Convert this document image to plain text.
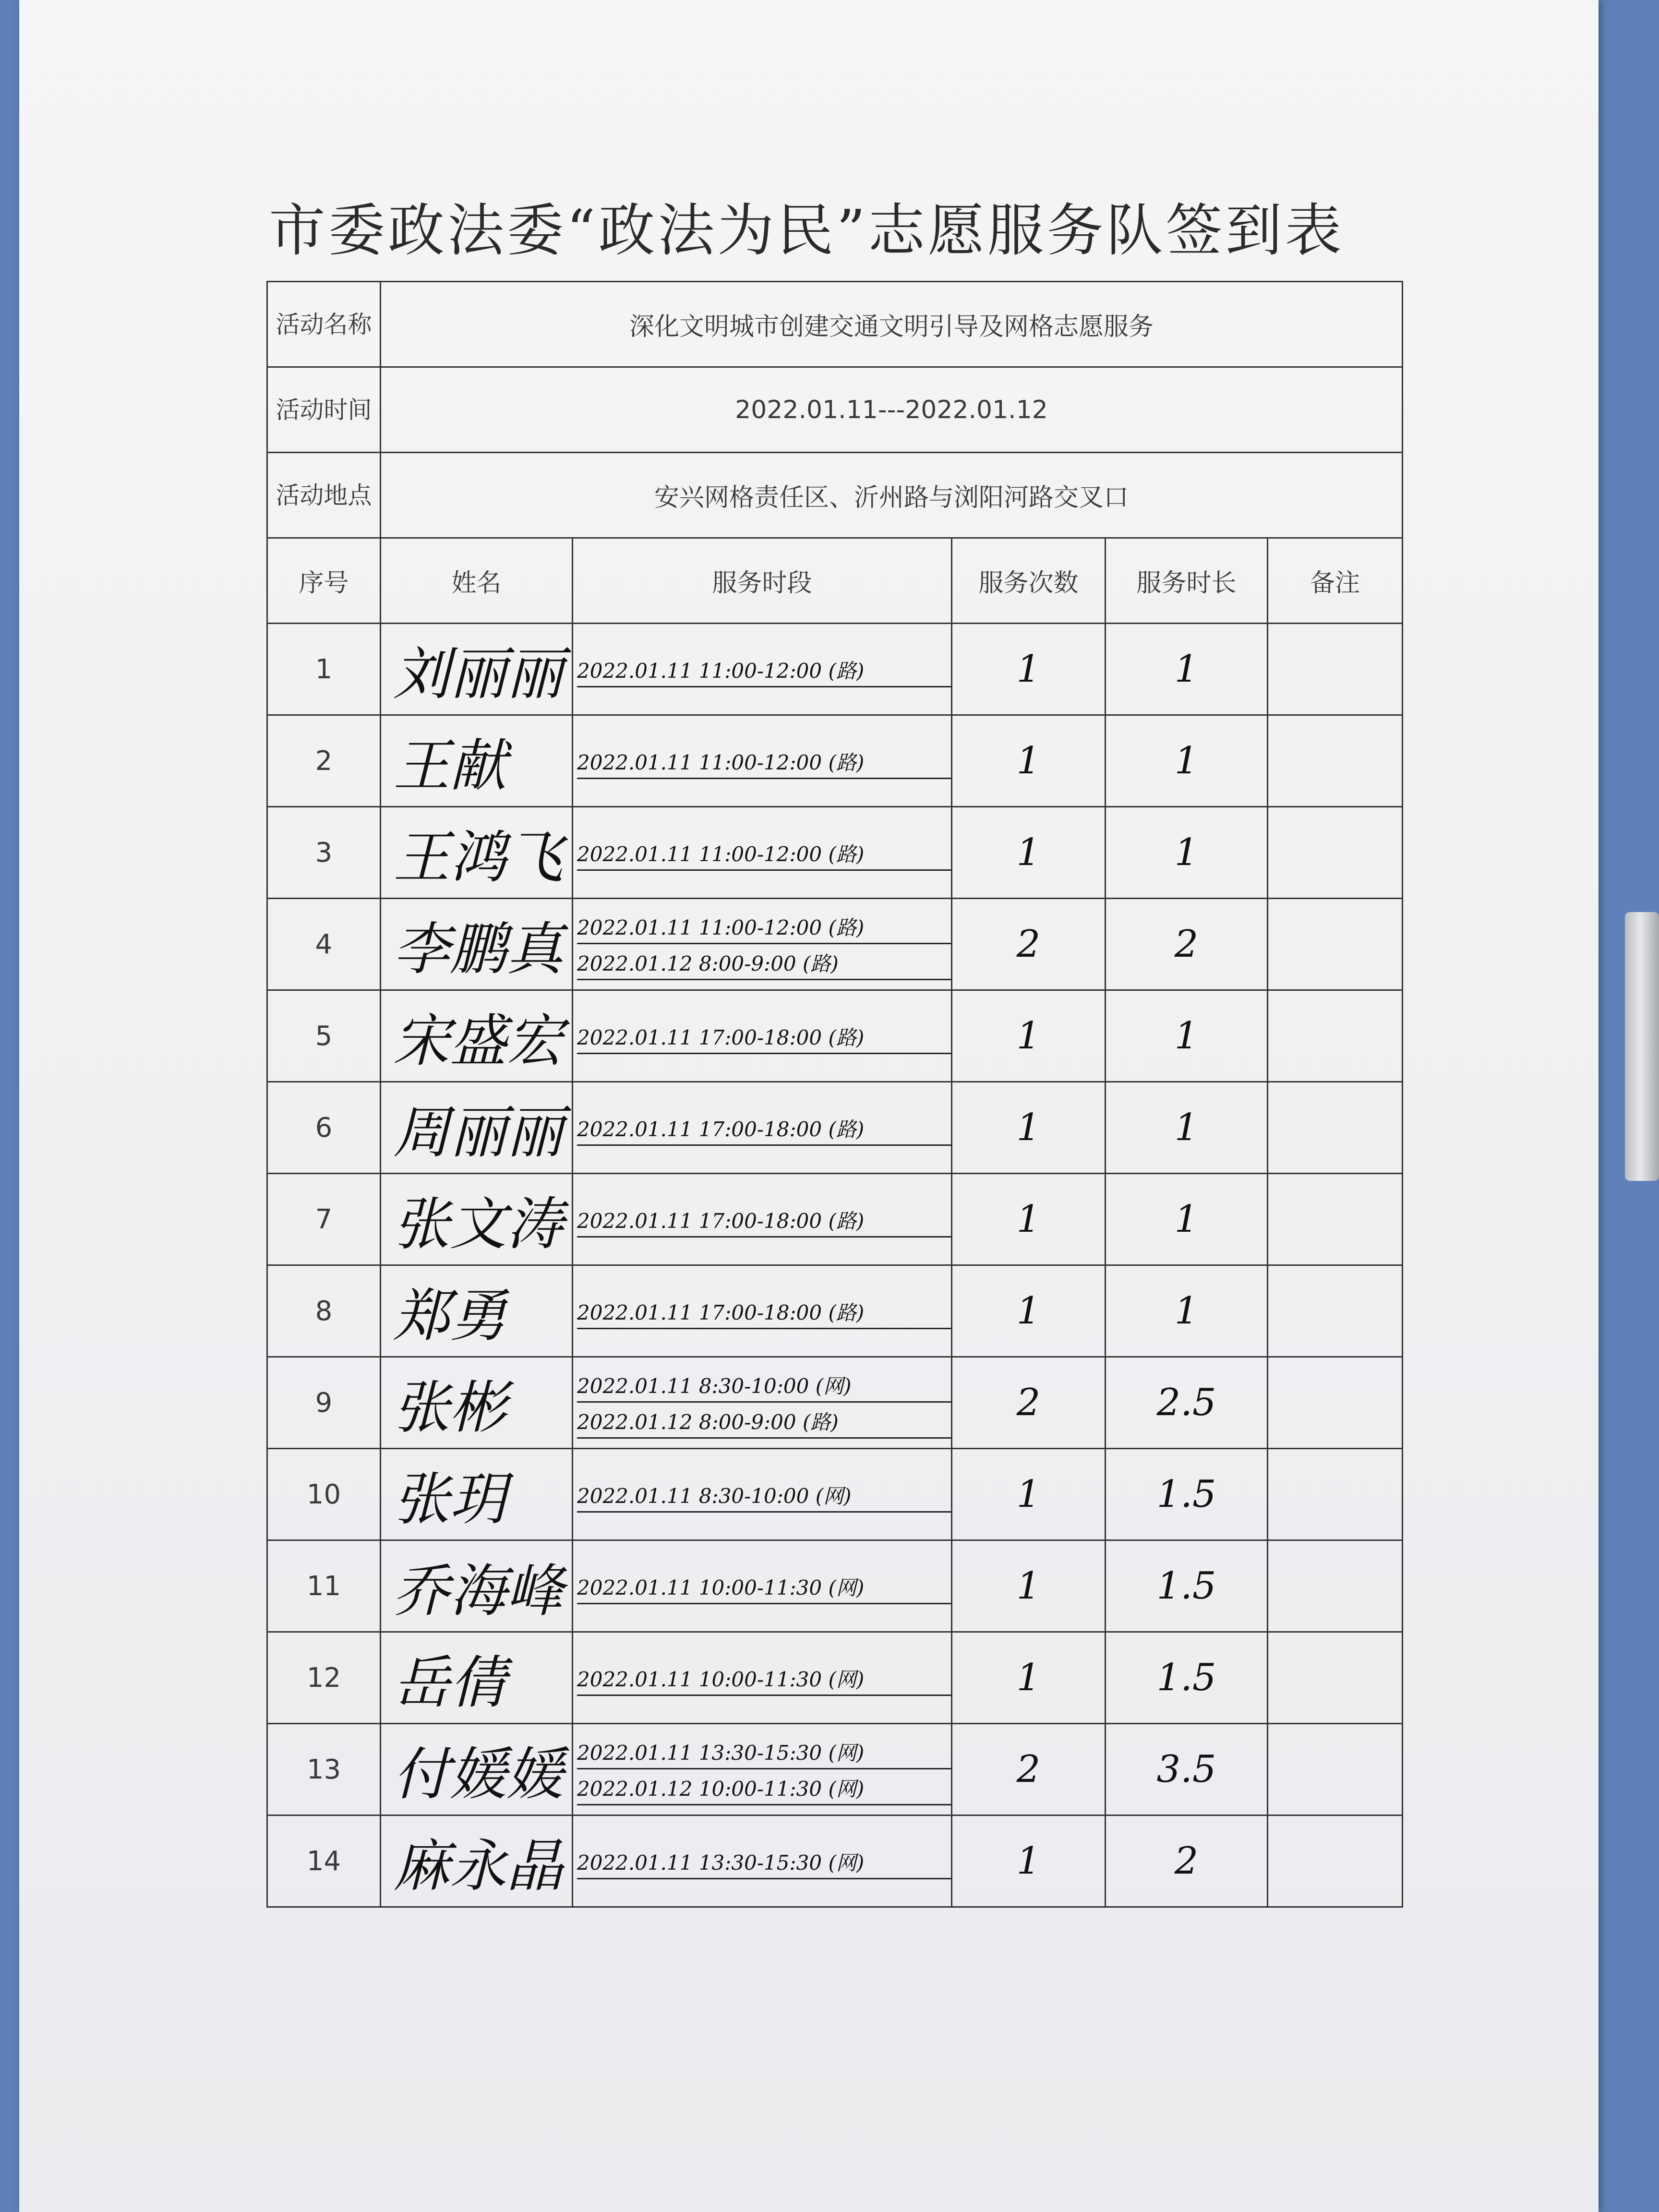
市委政法委“政法为民”志愿服务队签到表
活动名称	深化文明城市创建交通文明引导及网格志愿服务				
活动时间	2022.01.11---2022.01.12				
活动地点	安兴网格责任区、沂州路与浏阳河路交叉口				
序号	姓名	服务时段	服务次数	服务时长	备注
1	刘丽丽	2022.01.11 11:00-12:00 (路)	1	1	
2	王献	2022.01.11 11:00-12:00 (路)	1	1	
3	王鸿飞	2022.01.11 11:00-12:00 (路)	1	1	
4	李鹏真	2022.01.11 11:00-12:00 (路)
2022.01.12 8:00-9:00 (路)	2	2	
5	宋盛宏	2022.01.11 17:00-18:00 (路)	1	1	
6	周丽丽	2022.01.11 17:00-18:00 (路)	1	1	
7	张文涛	2022.01.11 17:00-18:00 (路)	1	1	
8	郑勇	2022.01.11 17:00-18:00 (路)	1	1	
9	张彬	2022.01.11 8:30-10:00 (网)
2022.01.12 8:00-9:00 (路)	2	2.5	
10	张玥	2022.01.11 8:30-10:00 (网)	1	1.5	
11	乔海峰	2022.01.11 10:00-11:30 (网)	1	1.5	
12	岳倩	2022.01.11 10:00-11:30 (网)	1	1.5	
13	付媛媛	2022.01.11 13:30-15:30 (网)
2022.01.12 10:00-11:30 (网)	2	3.5	
14	麻永晶	2022.01.11 13:30-15:30 (网)	1	2	
